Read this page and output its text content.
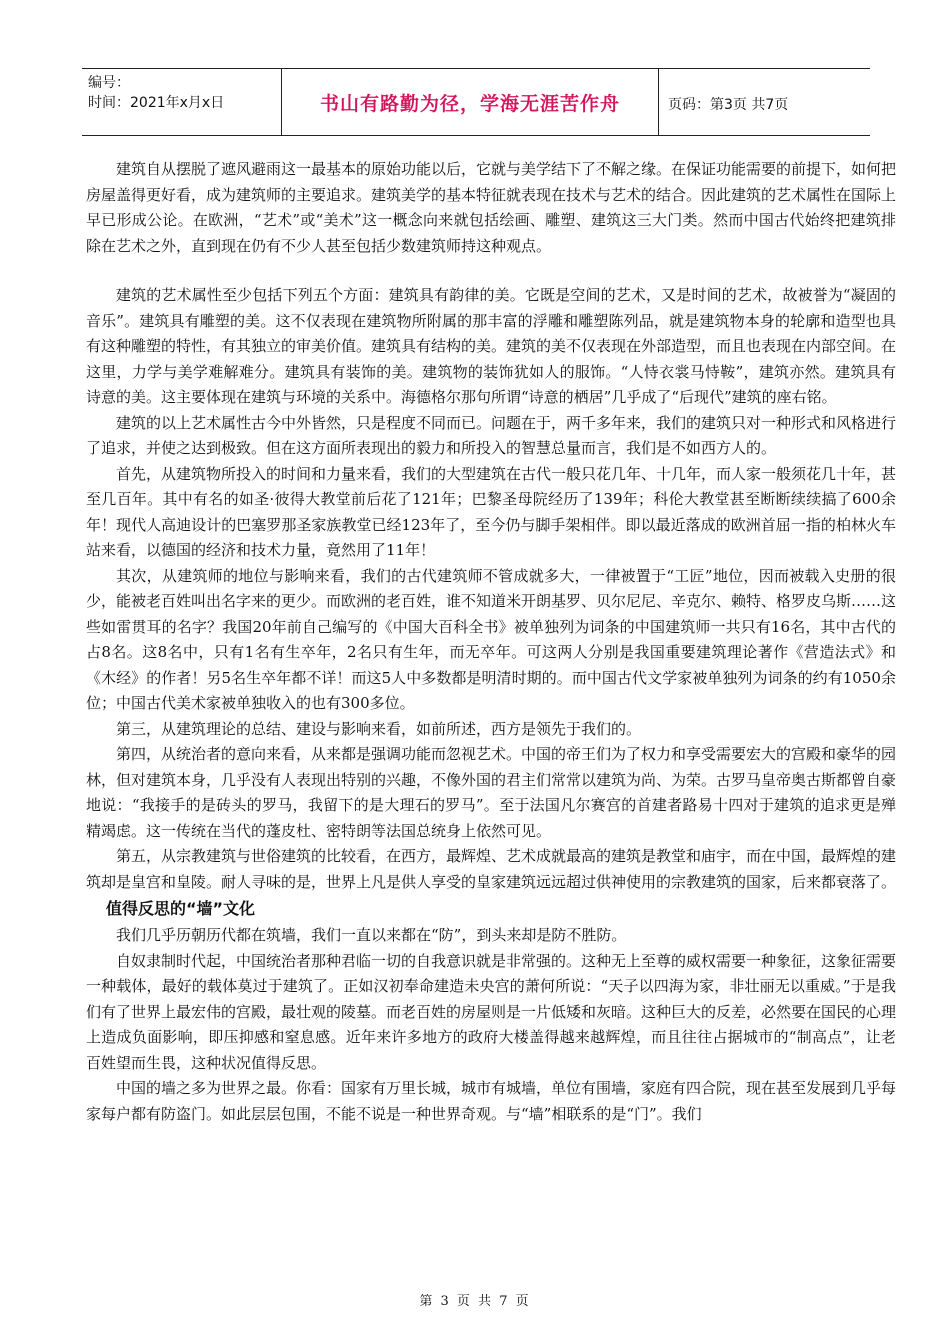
编号：
时间：2021年x月x日	书山有路勤为径，学海无涯苦作舟	页码：第3页 共7页

建筑自从摆脱了遮风避雨这一最基本的原始功能以后，它就与美学结下了不解之缘。在保证功能需要的前提下，如何把房屋盖得更好看，成为建筑师的主要追求。建筑美学的基本特征就表现在技术与艺术的结合。因此建筑的艺术属性在国际上早已形成公论。在欧洲，“艺术”或“美术”这一概念向来就包括绘画、雕塑、建筑这三大门类。然而中国古代始终把建筑排除在艺术之外，直到现在仍有不少人甚至包括少数建筑师持这种观点。

建筑的艺术属性至少包括下列五个方面：建筑具有韵律的美。它既是空间的艺术，又是时间的艺术，故被誉为“凝固的音乐”。建筑具有雕塑的美。这不仅表现在建筑物所附属的那丰富的浮雕和雕塑陈列品，就是建筑物本身的轮廓和造型也具有这种雕塑的特性，有其独立的审美价值。建筑具有结构的美。建筑的美不仅表现在外部造型，而且也表现在内部空间。在这里，力学与美学难解难分。建筑具有装饰的美。建筑物的装饰犹如人的服饰。“人恃衣裳马恃鞍”，建筑亦然。建筑具有诗意的美。这主要体现在建筑与环境的关系中。海德格尔那句所谓“诗意的栖居”几乎成了“后现代”建筑的座右铭。

建筑的以上艺术属性古今中外皆然，只是程度不同而已。问题在于，两千多年来，我们的建筑只对一种形式和风格进行了追求，并使之达到极致。但在这方面所表现出的毅力和所投入的智慧总量而言，我们是不如西方人的。

首先，从建筑物所投入的时间和力量来看，我们的大型建筑在古代一般只花几年、十几年，而人家一般须花几十年，甚至几百年。其中有名的如圣·彼得大教堂前后花了121年；巴黎圣母院经历了139年；科伦大教堂甚至断断续续搞了600余年！现代人高迪设计的巴塞罗那圣家族教堂已经123年了，至今仍与脚手架相伴。即以最近落成的欧洲首屈一指的柏林火车站来看，以德国的经济和技术力量，竟然用了11年！

其次，从建筑师的地位与影响来看，我们的古代建筑师不管成就多大，一律被置于“工匠”地位，因而被载入史册的很少，能被老百姓叫出名字来的更少。而欧洲的老百姓，谁不知道米开朗基罗、贝尔尼尼、辛克尔、赖特、格罗皮乌斯……这些如雷贯耳的名字？我国20年前自己编写的《中国大百科全书》被单独列为词条的中国建筑师一共只有16名，其中古代的占8名。这8名中，只有1名有生卒年，2名只有生年，而无卒年。可这两人分别是我国重要建筑理论著作《营造法式》和《木经》的作者！另5名生卒年都不详！而这5人中多数都是明清时期的。而中国古代文学家被单独列为词条的约有1050余位；中国古代美术家被单独收入的也有300多位。

第三，从建筑理论的总结、建设与影响来看，如前所述，西方是领先于我们的。

第四，从统治者的意向来看，从来都是强调功能而忽视艺术。中国的帝王们为了权力和享受需要宏大的宫殿和豪华的园林，但对建筑本身，几乎没有人表现出特别的兴趣，不像外国的君主们常常以建筑为尚、为荣。古罗马皇帝奥古斯都曾自豪地说：“我接手的是砖头的罗马，我留下的是大理石的罗马”。至于法国凡尔赛宫的首建者路易十四对于建筑的追求更是殚精竭虑。这一传统在当代的蓬皮杜、密特朗等法国总统身上依然可见。

第五，从宗教建筑与世俗建筑的比较看，在西方，最辉煌、艺术成就最高的建筑是教堂和庙宇，而在中国，最辉煌的建筑却是皇宫和皇陵。耐人寻味的是，世界上凡是供人享受的皇家建筑远远超过供神使用的宗教建筑的国家，后来都衰落了。

值得反思的“墙”文化

我们几乎历朝历代都在筑墙，我们一直以来都在“防”，到头来却是防不胜防。

自奴隶制时代起，中国统治者那种君临一切的自我意识就是非常强的。这种无上至尊的威权需要一种象征，这象征需要一种载体，最好的载体莫过于建筑了。正如汉初奉命建造未央宫的萧何所说：“天子以四海为家，非壮丽无以重威。”于是我们有了世界上最宏伟的宫殿，最壮观的陵墓。而老百姓的房屋则是一片低矮和灰暗。这种巨大的反差，必然要在国民的心理上造成负面影响，即压抑感和窒息感。近年来许多地方的政府大楼盖得越来越辉煌，而且往往占据城市的“制高点”，让老百姓望而生畏，这种状况值得反思。

中国的墙之多为世界之最。你看：国家有万里长城，城市有城墙，单位有围墙，家庭有四合院，现在甚至发展到几乎每家每户都有防盗门。如此层层包围，不能不说是一种世界奇观。与“墙”相联系的是“门”。我们

第 3 页 共 7 页
